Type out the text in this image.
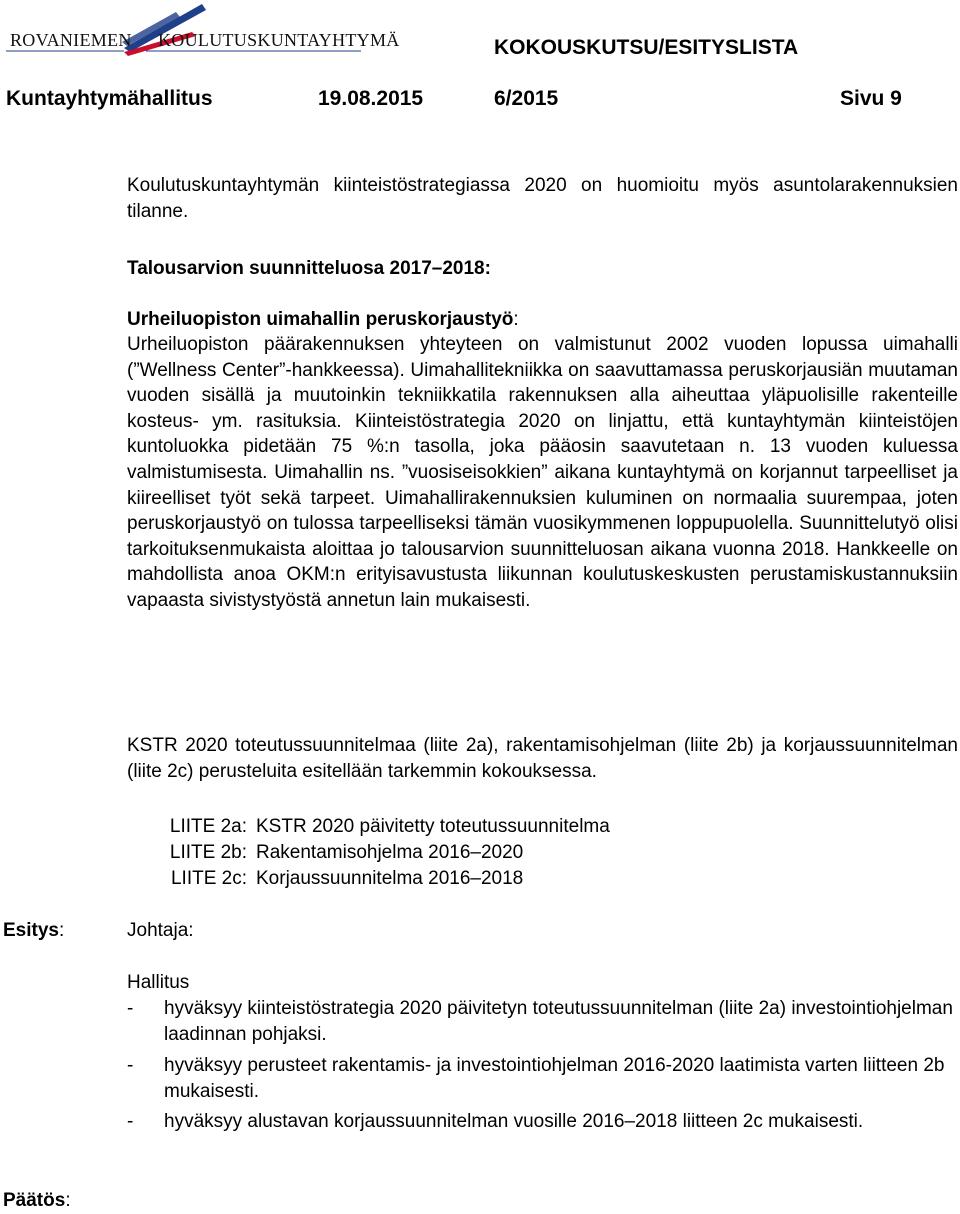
ROVANIEMEN KOULUTUSKUNTAYHTYMÄ	KOKOUSKUTSU/ESITYSLISTA
Kuntayhtymähallitus	19.08.2015	6/2015	Sivu 9
Koulutuskuntayhtymän kiinteistöstrategiassa 2020 on huomioitu myös asuntolarakennuksien tilanne.
Talousarvion suunnitteluosa 2017–2018:
Urheiluopiston uimahallin peruskorjaustyö:
Urheiluopiston päärakennuksen yhteyteen on valmistunut 2002 vuoden lopussa uimahalli (”Wellness Center”-hankkeessa). Uimahallitekniikka on saavuttamassa peruskorjausiän muutaman vuoden sisällä ja muutoinkin tekniikkatila rakennuksen alla aiheuttaa yläpuolisille rakenteille kosteus- ym. rasituksia. Kiinteistöstrategia 2020 on linjattu, että kuntayhtymän kiinteistöjen kuntoluokka pidetään 75 %:n tasolla, joka pääosin saavutetaan n. 13 vuoden kuluessa valmistumisesta. Uimahallin ns. ”vuosiseisokkien” aikana kuntayhtymä on korjannut tarpeelliset ja kiireelliset työt sekä tarpeet. Uimahallirakennuksien kuluminen on normaalia suurempaa, joten peruskorjaustyö on tulossa tarpeelliseksi tämän vuosikymmenen loppupuolella. Suunnittelutyö olisi tarkoituksenmukaista aloittaa jo talousarvion suunnitteluosan aikana vuonna 2018. Hankkeelle on mahdollista anoa OKM:n erityisavustusta liikunnan koulutuskeskusten perustamiskustannuksiin vapaasta sivistystyöstä annetun lain mukaisesti.
KSTR 2020 toteutussuunnitelmaa (liite 2a), rakentamisohjelman (liite 2b) ja korjaussuunnitelman (liite 2c) perusteluita esitellään tarkemmin kokouksessa.
LIITE 2a: KSTR 2020 päivitetty toteutussuunnitelma
LIITE 2b: Rakentamisohjelma 2016–2020
LIITE 2c: Korjaussuunnitelma 2016–2018
Esitys:	Johtaja:
Hallitus
- hyväksyy kiinteistöstrategia 2020 päivitetyn toteutussuunnitelman (liite 2a) investointiohjelman laadinnan pohjaksi.
- hyväksyy perusteet rakentamis- ja investointiohjelman 2016-2020 laatimista varten liitteen 2b mukaisesti.
- hyväksyy alustavan korjaussuunnitelman vuosille 2016–2018 liitteen 2c mukaisesti.
Päätös:
